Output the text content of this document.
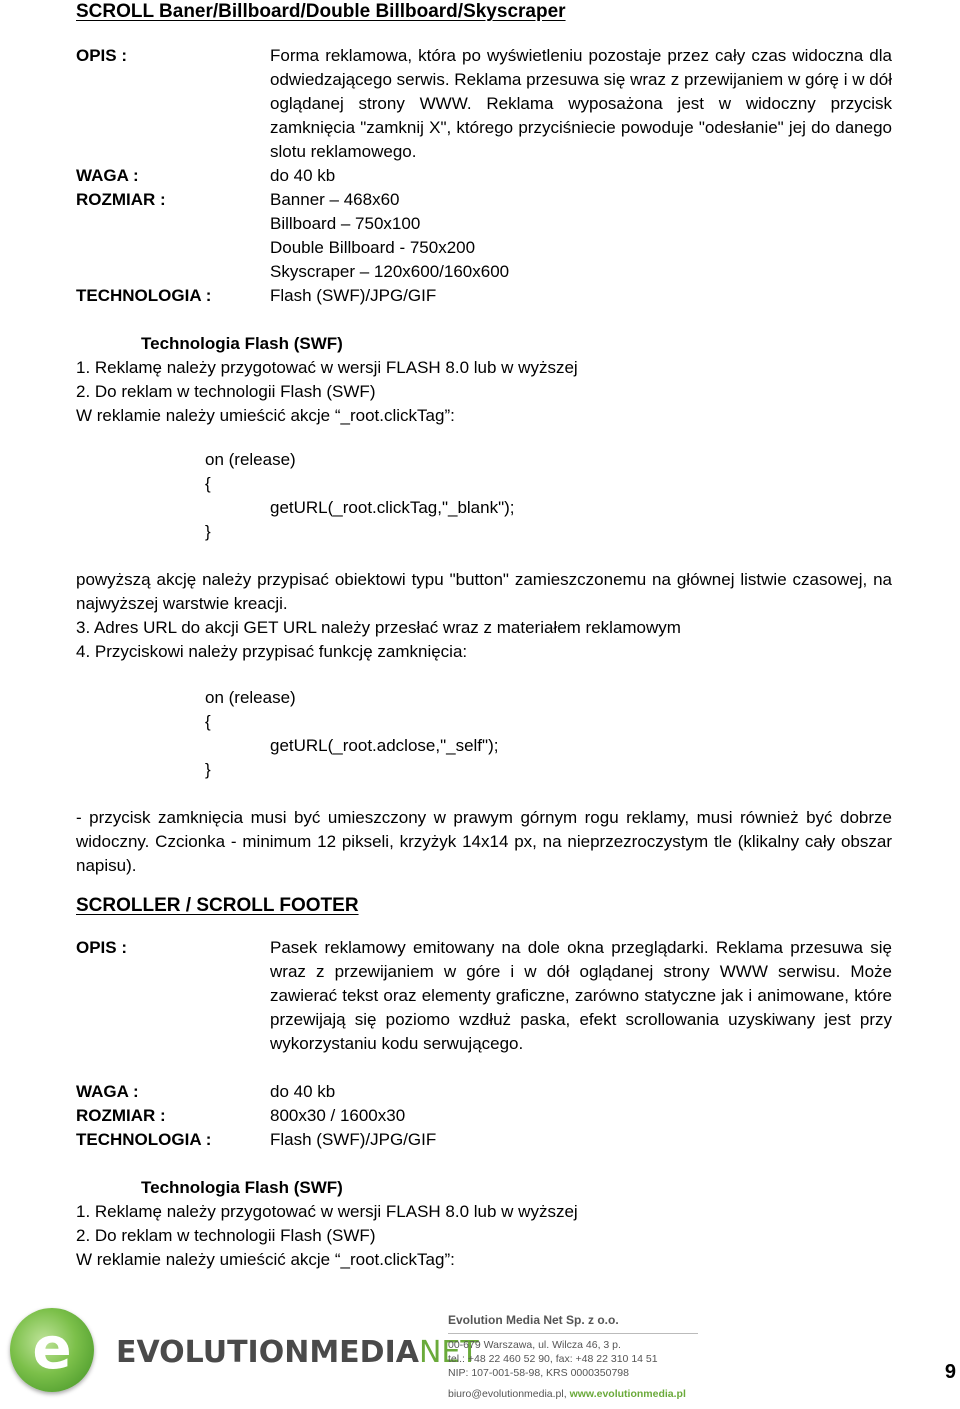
SCROLL Baner/Billboard/Double Billboard/Skyscraper
OPIS :	Forma reklamowa, która po wyświetleniu pozostaje przez cały czas widoczna dla odwiedzającego serwis. Reklama przesuwa się wraz z przewijaniem w górę i w dół oglądanej strony WWW. Reklama wyposażona jest w widoczny przycisk zamknięcia "zamknij X", którego przyciśniecie powoduje "odesłanie" jej do danego slotu reklamowego.
WAGA :	do 40 kb
ROZMIAR :	Banner – 468x60
Billboard – 750x100
Double Billboard - 750x200
Skyscraper – 120x600/160x600
TECHNOLOGIA :	Flash (SWF)/JPG/GIF
Technologia Flash (SWF)
1. Reklamę należy przygotować w wersji FLASH 8.0 lub w wyższej
2. Do reklam w technologii Flash (SWF)
W reklamie należy umieścić akcje “_root.clickTag”:
on (release)
{
getURL(_root.clickTag,"_blank");
}
powyższą akcję należy przypisać obiektowi typu "button" zamieszczonemu na głównej listwie czasowej, na najwyższej warstwie kreacji.
3. Adres URL do akcji GET URL należy przesłać wraz z materiałem reklamowym
4. Przyciskowi należy przypisać funkcję zamknięcia:
on (release)
{
getURL(_root.adclose,"_self");
}
- przycisk zamknięcia musi być umieszczony w prawym górnym rogu reklamy, musi również być dobrze widoczny. Czcionka - minimum 12 pikseli, krzyżyk 14x14 px, na nieprzezroczystym tle (klikalny cały obszar napisu).
SCROLLER / SCROLL FOOTER
OPIS :	Pasek reklamowy emitowany na dole okna przeglądarki. Reklama przesuwa się wraz z przewijaniem w góre i w dół oglądanej strony WWW serwisu. Może zawierać tekst oraz elementy graficzne, zarówno statyczne jak i animowane, które przewijają się poziomo wzdłuż paska, efekt scrollowania uzyskiwany jest przy wykorzystaniu kodu serwującego.
WAGA :	do 40 kb
ROZMIAR :	800x30 / 1600x30
TECHNOLOGIA :	Flash (SWF)/JPG/GIF
Technologia Flash (SWF)
1. Reklamę należy przygotować w wersji FLASH 8.0 lub w wyższej
2. Do reklam w technologii Flash (SWF)
W reklamie należy umieścić akcje “_root.clickTag”:
e EVOLUTIONMEDIANET
Evolution Media Net Sp. z o.o.
00-679 Warszawa, ul. Wilcza 46, 3 p.
tel.: +48 22 460 52 90, fax: +48 22 310 14 51
NIP: 107-001-58-98, KRS 0000350798
biuro@evolutionmedia.pl, www.evolutionmedia.pl
9
